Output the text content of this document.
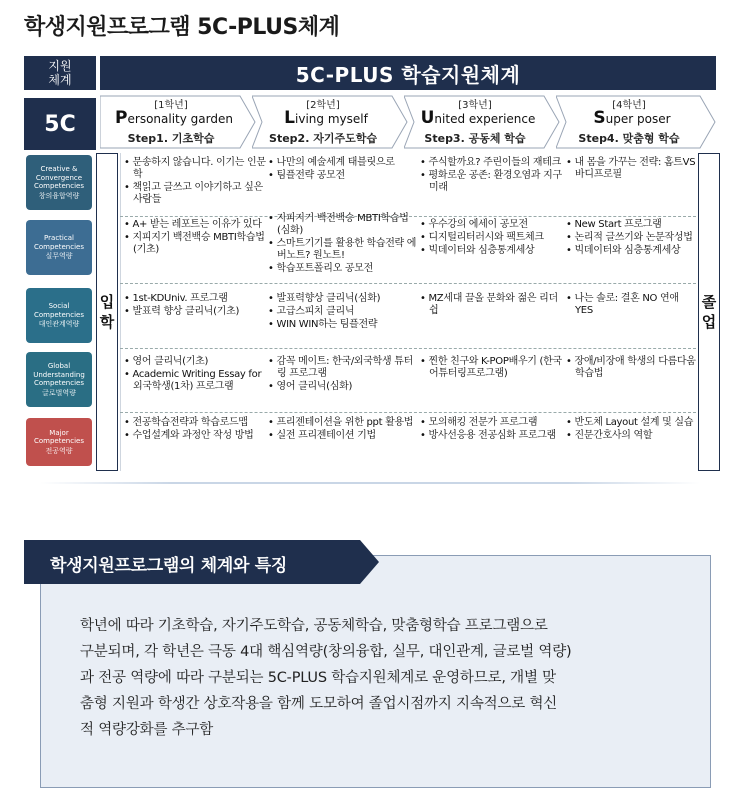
학생지원프로그램 5C-PLUS체계
지원
체계	5C-PLUS 학습지원체계
5C
[1학년]
Personality garden
Step1. 기초학습
[2학년]
Living myself
Step2. 자기주도학습
[3학년]
United experience
Step3. 공동체 학습
[4학년]
Super poser
Step4. 맞춤형 학습
Creative & Convergence Competencies
창의융합역량
Practical Competencies
실무역량
Social Competencies
대인관계역량
Global Understanding Competencies
글로벌역량
Major Competencies
전공역량
입
학
졸
업
• 문송하지 않습니다. 이기는 인문학
• 책읽고 글쓰고 이야기하고 싶은사람들
• 나만의 예술세계 태블릿으로
• 팀플전략 공모전
• 주식할까요? 주린이들의 재테크
• 평화로운 공존: 환경오염과 지구미래
• 내 몸을 가꾸는 전략: 홈트VS바디프로필
• A+ 받는 레포트는 이유가 있다
• 지피지기 백전백승 MBTI학습법 (기초)
• 지피지기 백전백승 MBTI학습법 (심화)
• 스마트기기를 활용한 학습전략 에버노트? 원노트!
• 학습포트폴리오 공모전
• 우수강의 에세이 공모전
• 디지털리터러시와 팩트체크
• 빅데이터와 심층통계세상
• New Start 프로그램
• 논리적 글쓰기와 논문작성법
• 빅데이터와 심층통계세상
• 1st-KDUniv. 프로그램
• 발표력 향상 클리닉(기초)
• 발표력향상 클리닉(심화)
• 고급스피치 클리닉
• WIN WIN하는 팀플전략
• MZ세대 끌올 문화와 젊은 리더쉽
• 나는 솔로: 결혼 NO 연애 YES
• 영어 클리닉(기초)
• Academic Writing Essay for 외국학생(1차) 프로그램
• 감꼭 메이트: 한국/외국학생 튜터링 프로그램
• 영어 클리닉(심화)
• 찐한 친구와 K-POP배우기 (한국어튜터링프로그램)
• 장애/비장애 학생의 다름다움 학습법
• 전공학습전략과 학습로드맵
• 수업설계와 과정안 작성 방법
• 프리젠테이션을 위한 ppt 활용법
• 실전 프리젠테이션 기법
• 모의해킹 전문가 프로그램
• 방사선응용 전공심화 프로그램
• 반도체 Layout 설계 및 실습
• 진문간호사의 역할
학생지원프로그램의 체계와 특징
학년에 따라 기초학습, 자기주도학습, 공동체학습, 맞춤형학습 프로그램으로
구분되며, 각 학년은 극동 4대 핵심역량(창의융합, 실무, 대인관계, 글로벌 역량)
과 전공 역량에 따라 구분되는 5C-PLUS 학습지원체계로 운영하므로, 개별 맞
춤형 지원과 학생간 상호작용을 함께 도모하여 졸업시점까지 지속적으로 혁신
적 역량강화를 추구함
